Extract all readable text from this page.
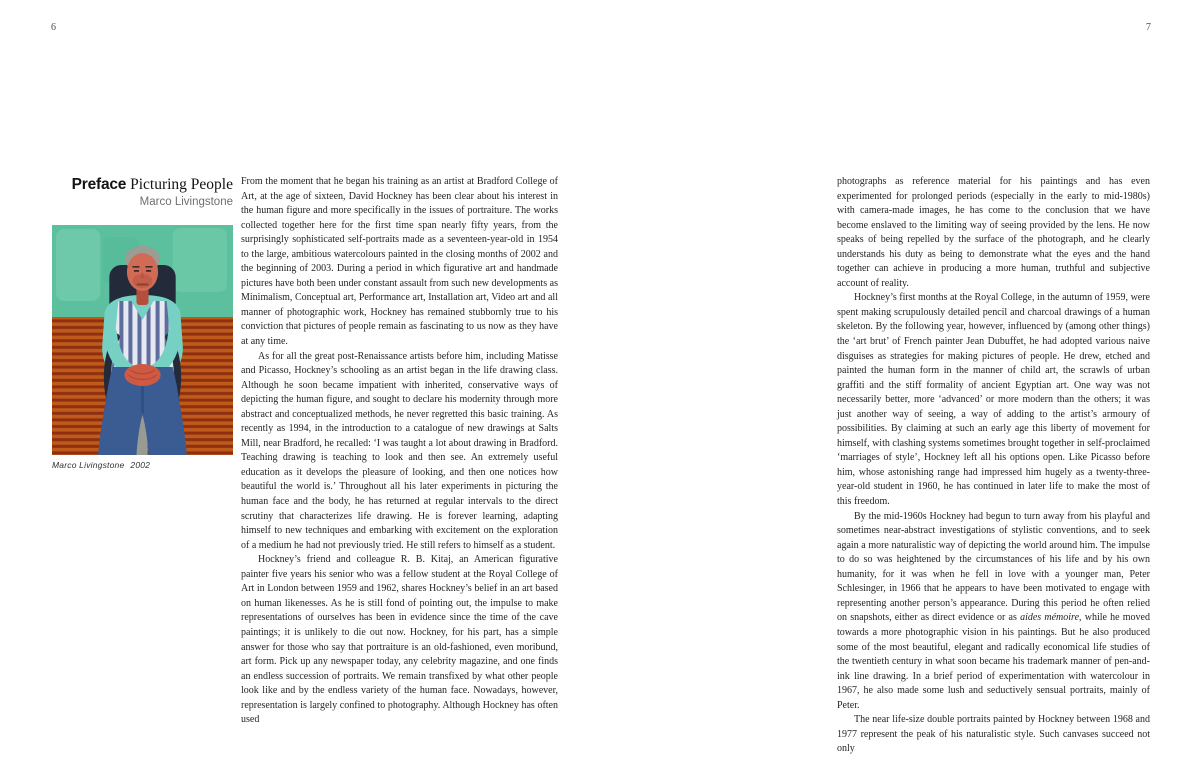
6	7
Preface Picturing People
Marco Livingstone
Marco Livingstone 2002

From the moment that he began his training as an artist at Bradford College of Art, at the age of sixteen, David Hockney has been clear about his interest in the human figure and more specifically in the issues of portraiture. The works collected together here for the first time span nearly fifty years, from the surprisingly sophisticated self-portraits made as a seventeen-year-old in 1954 to the large, ambitious watercolours painted in the closing months of 2002 and the beginning of 2003. During a period in which figurative art and handmade pictures have both been under constant assault from such new developments as Minimalism, Conceptual art, Performance art, Installation art, Video art and all manner of photographic work, Hockney has remained stubbornly true to his conviction that pictures of people remain as fascinating to us now as they have at any time.

As for all the great post-Renaissance artists before him, including Matisse and Picasso, Hockney’s schooling as an artist began in the life drawing class. Although he soon became impatient with inherited, conservative ways of depicting the human figure, and sought to declare his modernity through more abstract and conceptualized methods, he never regretted this basic training. As recently as 1994, in the introduction to a catalogue of new drawings at Salts Mill, near Bradford, he recalled: ‘I was taught a lot about drawing in Bradford. Teaching drawing is teaching to look and then see. An extremely useful education as it develops the pleasure of looking, and then one notices how beautiful the world is.’ Throughout all his later experiments in picturing the human face and the body, he has returned at regular intervals to the direct scrutiny that characterizes life drawing. He is forever learning, adapting himself to new techniques and embarking with excitement on the exploration of a medium he had not previously tried. He still refers to himself as a student.

Hockney’s friend and colleague R. B. Kitaj, an American figurative painter five years his senior who was a fellow student at the Royal College of Art in London between 1959 and 1962, shares Hockney’s belief in an art based on human likenesses. As he is still fond of pointing out, the impulse to make representations of ourselves has been in evidence since the time of the cave paintings; it is unlikely to die out now. Hockney, for his part, has a simple answer for those who say that portraiture is an old-fashioned, even moribund, art form. Pick up any newspaper today, any celebrity magazine, and one finds an endless succession of portraits. We remain transfixed by what other people look like and by the endless variety of the human face. Nowadays, however, representation is largely confined to photography. Although Hockney has often used

photographs as reference material for his paintings and has even experimented for prolonged periods (especially in the early to mid-1980s) with camera-made images, he has come to the conclusion that we have become enslaved to the limiting way of seeing provided by the lens. He now speaks of being repelled by the surface of the photograph, and he clearly understands his duty as being to demonstrate what the eyes and the hand together can achieve in producing a more human, truthful and subjective account of reality.

Hockney’s first months at the Royal College, in the autumn of 1959, were spent making scrupulously detailed pencil and charcoal drawings of a human skeleton. By the following year, however, influenced by (among other things) the ‘art brut’ of French painter Jean Dubuffet, he had adopted various naive disguises as strategies for making pictures of people. He drew, etched and painted the human form in the manner of child art, the scrawls of urban graffiti and the stiff formality of ancient Egyptian art. One way was not necessarily better, more ‘advanced’ or more modern than the others; it was just another way of seeing, a way of adding to the artist’s armoury of possibilities. By claiming at such an early age this liberty of movement for himself, with clashing systems sometimes brought together in self-proclaimed ‘marriages of style’, Hockney left all his options open. Like Picasso before him, whose astonishing range had impressed him hugely as a twenty-three-year-old student in 1960, he has continued in later life to make the most of this freedom.

By the mid-1960s Hockney had begun to turn away from his playful and sometimes near-abstract investigations of stylistic conventions, and to seek again a more naturalistic way of depicting the world around him. The impulse to do so was heightened by the circumstances of his life and by his own humanity, for it was when he fell in love with a younger man, Peter Schlesinger, in 1966 that he appears to have been motivated to engage with representing another person’s appearance. During this period he often relied on snapshots, either as direct evidence or as aides mémoire, while he moved towards a more photographic vision in his paintings. But he also produced some of the most beautiful, elegant and radically economical life studies of the twentieth century in what soon became his trademark manner of pen-and-ink line drawing. In a brief period of experimentation with watercolour in 1967, he also made some lush and seductively sensual portraits, mainly of Peter.

The near life-size double portraits painted by Hockney between 1968 and 1977 represent the peak of his naturalistic style. Such canvases succeed not only
